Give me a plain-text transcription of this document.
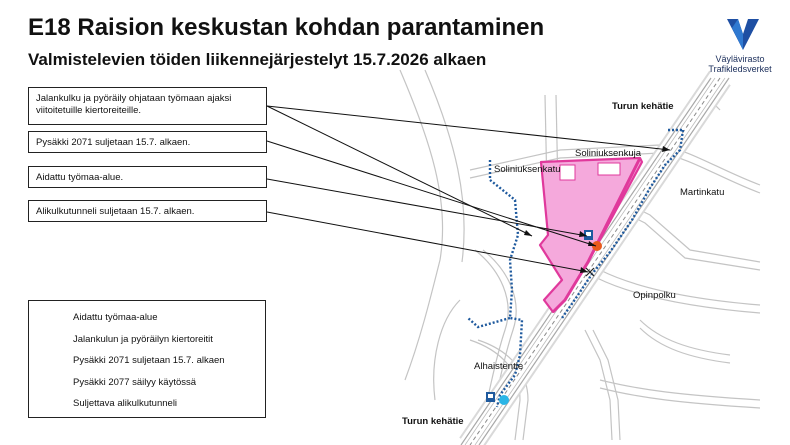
E18 Raision keskustan kohdan parantaminen
Valmistelevien töiden liikennejärjestelyt 15.7.2026 alkaen	Väylävirasto
Trafikledsverket
Jalankulku ja pyöräily ohjataan työmaan ajaksi viitoitetuille kiertoreiteille.
Pysäkki 2071 suljetaan 15.7. alkaen.
Aidattu työmaa-alue.
Alikulkutunneli suljetaan 15.7. alkaen.
Aidattu työmaa-alue
Jalankulun ja pyöräilyn kiertoreitit
Pysäkki 2071 suljetaan 15.7. alkaen
Pysäkki 2077 säilyy käytössä
Suljettava alikulkutunneli
Turun kehätie
Turun kehätie
Soliniuksenkatu
Soliniuksenkuja
Martinkatu
Opinpolku
Alhaistentie
